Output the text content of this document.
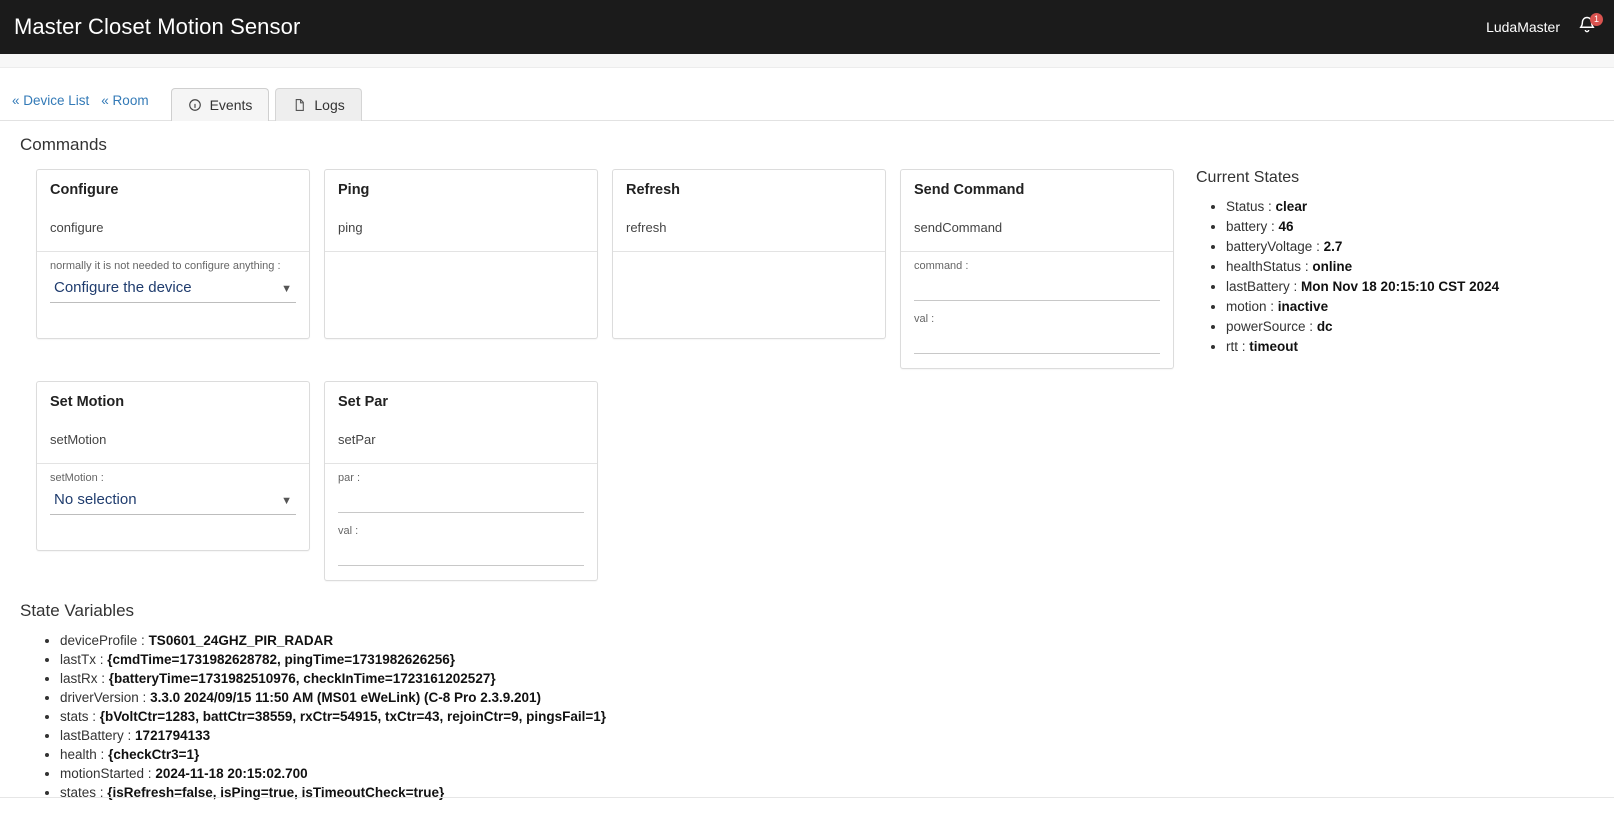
Master Closet Motion Sensor	LudaMaster	1
« Device List « Room	Events	Logs
Commands
Configure
configure
normally it is not needed to configure anything :
Configure the device
▼
Ping
ping
Refresh
refresh
Send Command
sendCommand
command :
val :
Set Motion
setMotion
setMotion :
No selection
▼
Set Par
setPar
par :
val :
Current States
• Status : clear
• battery : 46
• batteryVoltage : 2.7
• healthStatus : online
• lastBattery : Mon Nov 18 20:15:10 CST 2024
• motion : inactive
• powerSource : dc
• rtt : timeout
State Variables
• deviceProfile : TS0601_24GHZ_PIR_RADAR
• lastTx : {cmdTime=1731982628782, pingTime=1731982626256}
• lastRx : {batteryTime=1731982510976, checkInTime=1723161202527}
• driverVersion : 3.3.0 2024/09/15 11:50 AM (MS01 eWeLink) (C-8 Pro 2.3.9.201)
• stats : {bVoltCtr=1283, battCtr=38559, rxCtr=54915, txCtr=43, rejoinCtr=9, pingsFail=1}
• lastBattery : 1721794133
• health : {checkCtr3=1}
• motionStarted : 2024-11-18 20:15:02.700
• states : {isRefresh=false, isPing=true, isTimeoutCheck=true}
